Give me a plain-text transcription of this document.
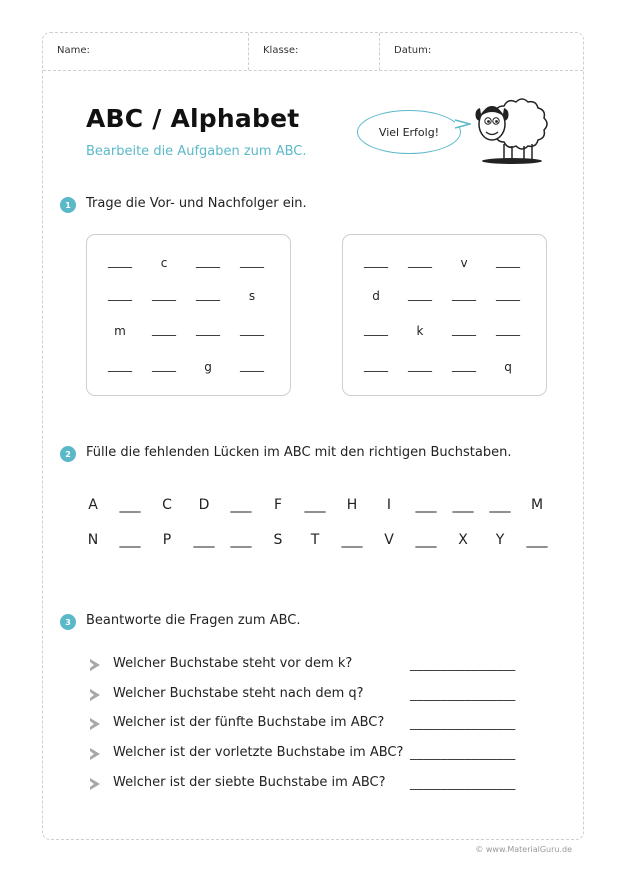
Name:	Klasse:	Datum:
ABC / Alphabet
Bearbeite die Aufgaben zum ABC.
Viel Erfolg!
1	Trage die Vor- und Nachfolger ein.
____	c	____	____
____	____	____	s
m	____	____	____
____	____	g	____
____	____	v	____
d	____	____	____
____	k	____	____
____	____	____	q
2	Fülle die fehlenden Lücken im ABC mit den richtigen Buchstaben.
A	___	C	D	___	F	___	H	I	___	___	___	M
N	___	P	___	___	S	T	___	V	___	X	Y	___
3	Beantworte die Fragen zum ABC.
Welcher Buchstabe steht vor dem k?	_________________
Welcher Buchstabe steht nach dem q?	_________________
Welcher ist der fünfte Buchstabe im ABC? _________________
Welcher ist der vorletzte Buchstabe im ABC? _________________
Welcher ist der siebte Buchstabe im ABC? _________________
© www.MaterialGuru.de
